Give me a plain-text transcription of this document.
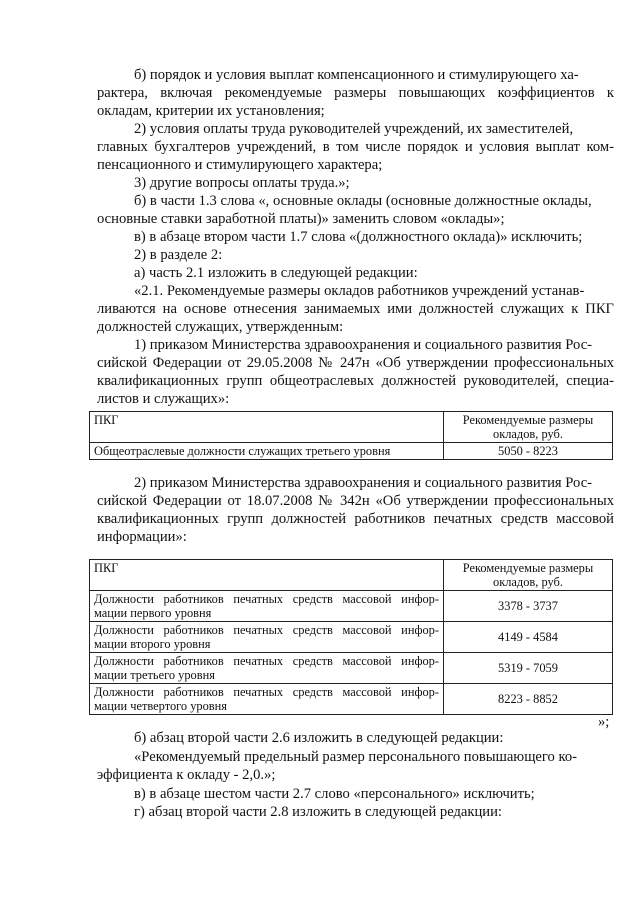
б) порядок и условия выплат компенсационного и стимулирующего ха-
рактера, включая рекомендуемые размеры повышающих коэффициентов к
окладам, критерии их установления;
2) условия оплаты труда руководителей учреждений, их заместителей,
главных бухгалтеров учреждений, в том числе порядок и условия выплат ком-
пенсационного и стимулирующего характера;
3) другие вопросы оплаты труда.»;
б) в части 1.3 слова «, основные оклады (основные должностные оклады,
основные ставки заработной платы)» заменить словом «оклады»;
в) в абзаце втором части 1.7 слова «(должностного оклада)» исключить;
2) в разделе 2:
а) часть 2.1 изложить в следующей редакции:
«2.1. Рекомендуемые размеры окладов работников учреждений устанав-
ливаются на основе отнесения занимаемых ими должностей служащих к ПКГ
должностей служащих, утвержденным:
1) приказом Министерства здравоохранения и социального развития Рос-
сийской Федерации от 29.05.2008 № 247н «Об утверждении профессиональных
квалификационных групп общеотраслевых должностей руководителей, специа-
листов и служащих»:
ПКГ	Рекомендуемые размеры
окладов, руб.

Общеотраслевые должности служащих третьего уровня	5050 - 8223
2) приказом Министерства здравоохранения и социального развития Рос-
сийской Федерации от 18.07.2008 № 342н «Об утверждении профессиональных
квалификационных групп должностей работников печатных средств массовой
информации»:
ПКГ	Рекомендуемые размеры
окладов, руб.

Должности работников печатных средств массовой инфор-
мации первого уровня	3378 - 3737

Должности работников печатных средств массовой инфор-
мации второго уровня	4149 - 4584

Должности работников печатных средств массовой инфор-
мации третьего уровня	5319 - 7059

Должности работников печатных средств массовой инфор-
мации четвертого уровня	8223 - 8852
»;
б) абзац второй части 2.6 изложить в следующей редакции:
«Рекомендуемый предельный размер персонального повышающего ко-
эффициента к окладу - 2,0.»;
в) в абзаце шестом части 2.7 слово «персонального» исключить;
г) абзац второй части 2.8 изложить в следующей редакции:
